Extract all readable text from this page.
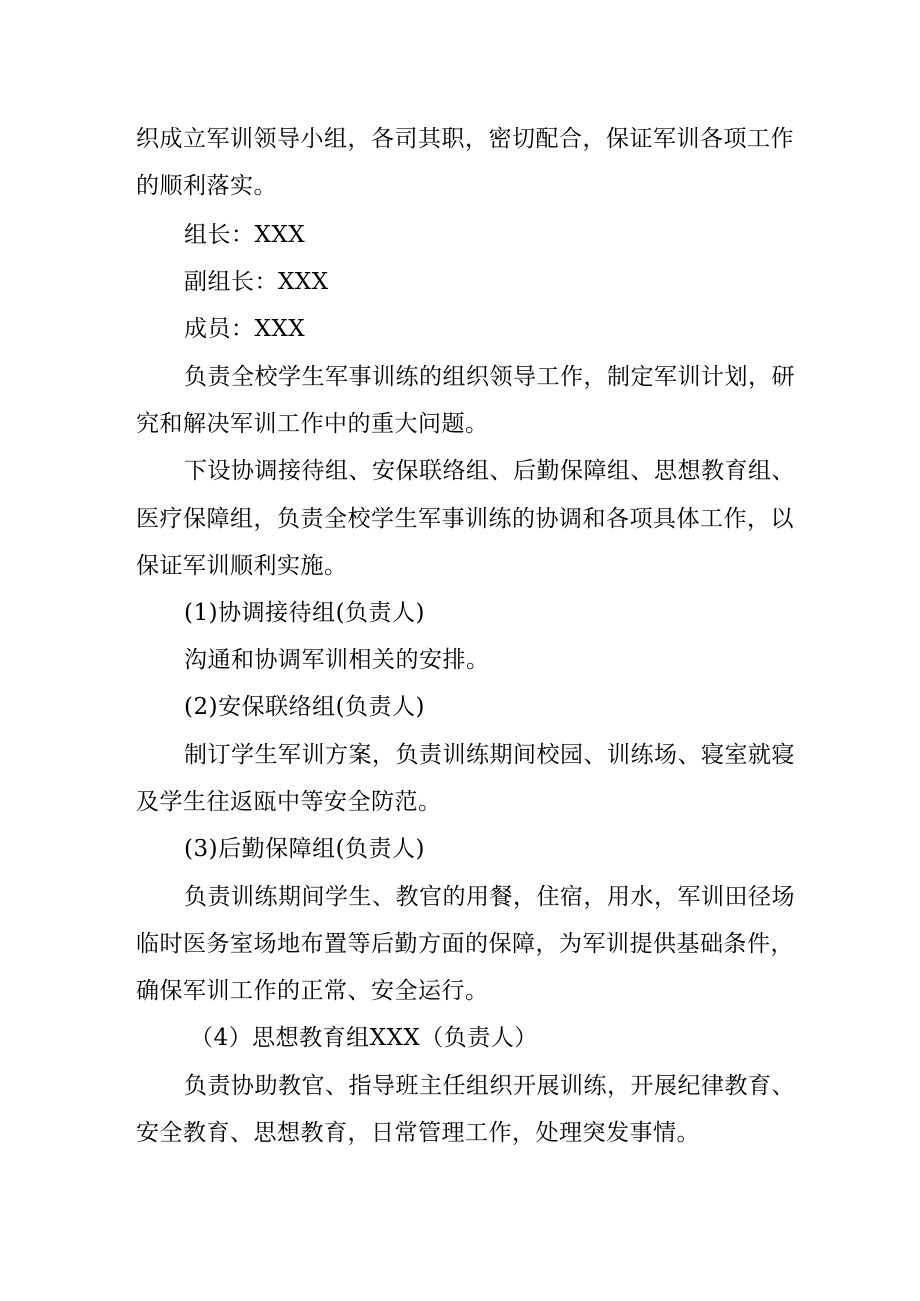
织成立军训领导小组，各司其职，密切配合，保证军训各项工作
的顺利落实。
组长：XXX
副组长：XXX
成员：XXX
负责全校学生军事训练的组织领导工作，制定军训计划，研
究和解决军训工作中的重大问题。
下设协调接待组、安保联络组、后勤保障组、思想教育组、
医疗保障组，负责全校学生军事训练的协调和各项具体工作，以
保证军训顺利实施。
(1)协调接待组(负责人)
沟通和协调军训相关的安排。
(2)安保联络组(负责人)
制订学生军训方案，负责训练期间校园、训练场、寝室就寝
及学生往返瓯中等安全防范。
(3)后勤保障组(负责人)
负责训练期间学生、教官的用餐，住宿，用水，军训田径场
临时医务室场地布置等后勤方面的保障，为军训提供基础条件，
确保军训工作的正常、安全运行。
（4）思想教育组XXX（负责人）
负责协助教官、指导班主任组织开展训练，开展纪律教育、
安全教育、思想教育，日常管理工作，处理突发事情。
